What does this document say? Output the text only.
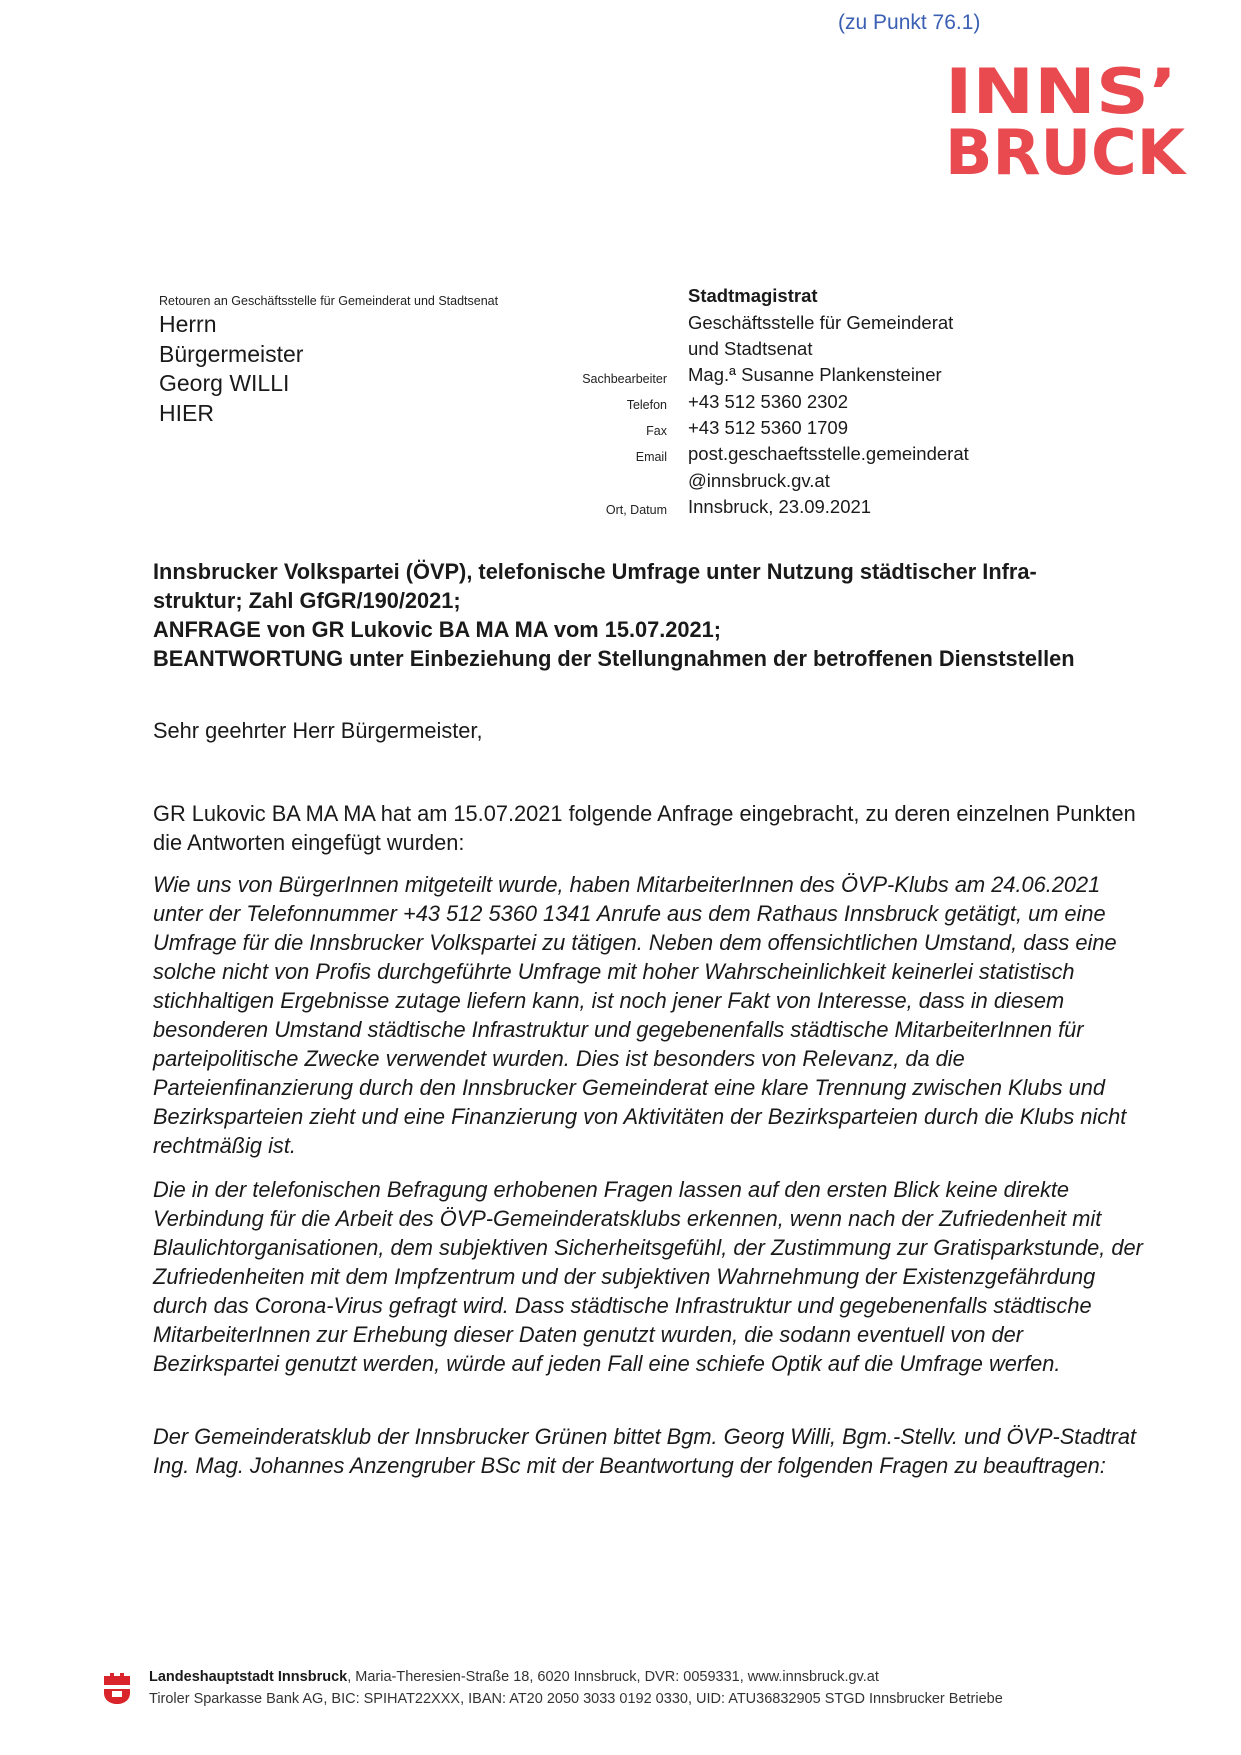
(zu Punkt 76.1)
INNS’
BRUCK
Retouren an Geschäftsstelle für Gemeinderat und Stadtsenat
Herrn
Bürgermeister
Georg WILLI
HIER
Stadtmagistrat
Geschäftsstelle für Gemeinderat
und Stadtsenat
Sachbearbeiter Mag.ª Susanne Plankensteiner
Telefon +43 512 5360 2302
Fax +43 512 5360 1709
Email post.geschaeftsstelle.gemeinderat
@innsbruck.gv.at
Ort, Datum Innsbruck, 23.09.2021
Innsbrucker Volkspartei (ÖVP), telefonische Umfrage unter Nutzung städtischer Infra-
struktur; Zahl GfGR/190/2021;
ANFRAGE von GR Lukovic BA MA MA vom 15.07.2021;
BEANTWORTUNG unter Einbeziehung der Stellungnahmen der betroffenen Dienststellen
Sehr geehrter Herr Bürgermeister,
GR Lukovic BA MA MA hat am 15.07.2021 folgende Anfrage eingebracht, zu deren einzelnen Punkten die Antworten eingefügt wurden:
Wie uns von BürgerInnen mitgeteilt wurde, haben MitarbeiterInnen des ÖVP-Klubs am 24.06.2021 unter der Telefonnummer +43 512 5360 1341 Anrufe aus dem Rathaus Innsbruck getätigt, um eine Umfrage für die Innsbrucker Volkspartei zu tätigen. Neben dem offensichtlichen Umstand, dass eine solche nicht von Profis durchgeführte Umfrage mit hoher Wahrscheinlichkeit keinerlei statistisch stichhaltigen Ergebnisse zutage liefern kann, ist noch jener Fakt von Interesse, dass in diesem besonderen Umstand städtische Infrastruktur und gegebenenfalls städtische MitarbeiterInnen für parteipolitische Zwecke verwendet wurden. Dies ist besonders von Relevanz, da die Parteienfinanzierung durch den Innsbrucker Gemeinderat eine klare Trennung zwischen Klubs und Bezirksparteien zieht und eine Finanzierung von Aktivitäten der Bezirksparteien durch die Klubs nicht rechtmäßig ist.
Die in der telefonischen Befragung erhobenen Fragen lassen auf den ersten Blick keine direkte Verbindung für die Arbeit des ÖVP-Gemeinderatsklubs erkennen, wenn nach der Zufriedenheit mit Blaulichtorganisationen, dem subjektiven Sicherheitsgefühl, der Zustimmung zur Gratisparkstunde, der Zufriedenheiten mit dem Impfzentrum und der subjektiven Wahrnehmung der Existenzgefährdung durch das Corona-Virus gefragt wird. Dass städtische Infrastruktur und gegebenenfalls städtische MitarbeiterInnen zur Erhebung dieser Daten genutzt wurden, die sodann eventuell von der Bezirkspartei genutzt werden, würde auf jeden Fall eine schiefe Optik auf die Umfrage werfen.
Der Gemeinderatsklub der Innsbrucker Grünen bittet Bgm. Georg Willi, Bgm.-Stellv. und ÖVP-Stadtrat Ing. Mag. Johannes Anzengruber BSc mit der Beantwortung der folgenden Fragen zu beauftragen:
Landeshauptstadt Innsbruck, Maria-Theresien-Straße 18, 6020 Innsbruck, DVR: 0059331, www.innsbruck.gv.at
Tiroler Sparkasse Bank AG, BIC: SPIHAT22XXX, IBAN: AT20 2050 3033 0192 0330, UID: ATU36832905 STGD Innsbrucker Betriebe
